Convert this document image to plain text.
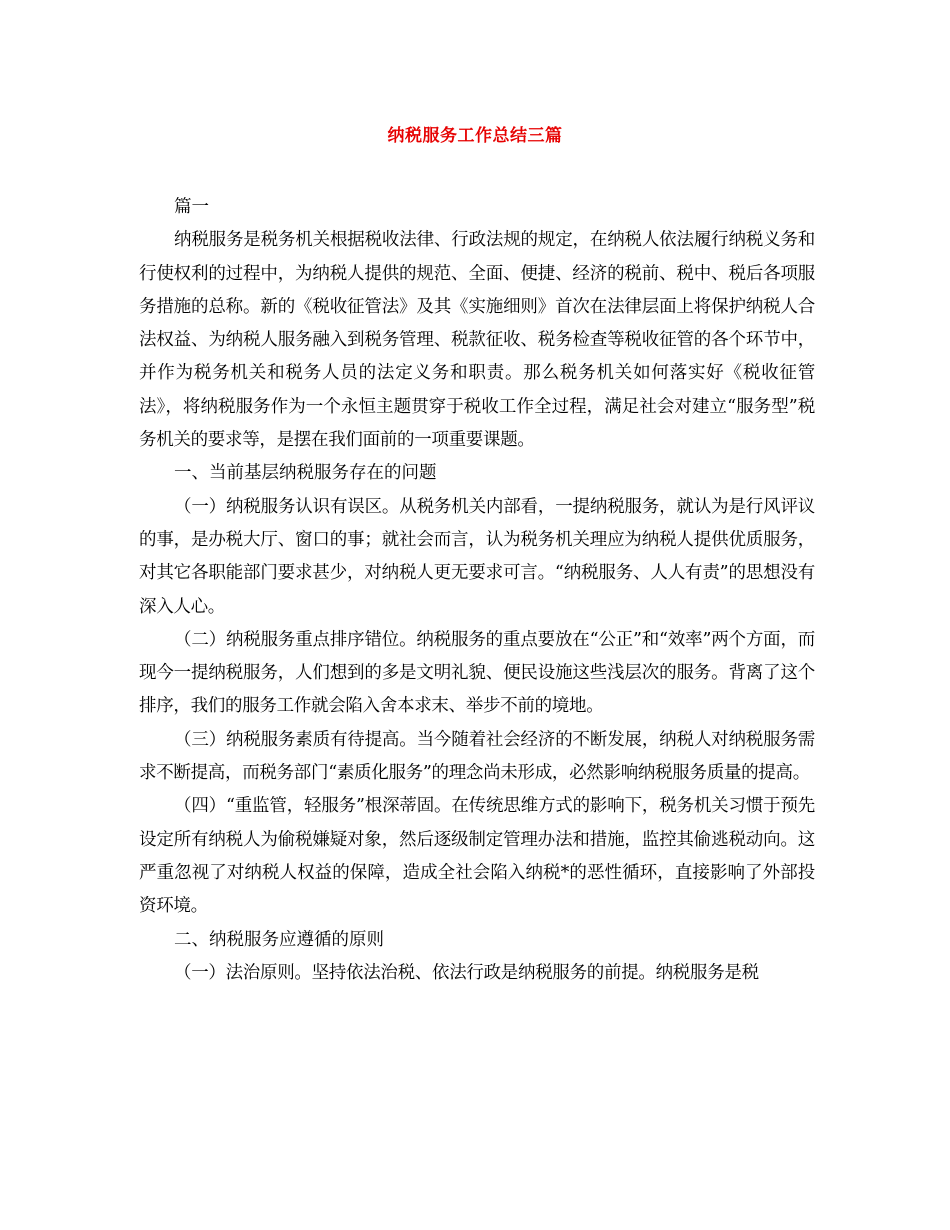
纳税服务工作总结三篇

篇一

纳税服务是税务机关根据税收法律、行政法规的规定，在纳税人依法履行纳税义务和行使权利的过程中，为纳税人提供的规范、全面、便捷、经济的税前、税中、税后各项服务措施的总称。新的《税收征管法》及其《实施细则》首次在法律层面上将保护纳税人合法权益、为纳税人服务融入到税务管理、税款征收、税务检查等税收征管的各个环节中，并作为税务机关和税务人员的法定义务和职责。那么税务机关如何落实好《税收征管法》，将纳税服务作为一个永恒主题贯穿于税收工作全过程，满足社会对建立“服务型”税务机关的要求等，是摆在我们面前的一项重要课题。

一、当前基层纳税服务存在的问题

（一）纳税服务认识有误区。从税务机关内部看，一提纳税服务，就认为是行风评议的事，是办税大厅、窗口的事；就社会而言，认为税务机关理应为纳税人提供优质服务，对其它各职能部门要求甚少，对纳税人更无要求可言。“纳税服务、人人有责”的思想没有深入人心。

（二）纳税服务重点排序错位。纳税服务的重点要放在“公正”和“效率”两个方面，而现今一提纳税服务，人们想到的多是文明礼貌、便民设施这些浅层次的服务。背离了这个排序，我们的服务工作就会陷入舍本求末、举步不前的境地。

（三）纳税服务素质有待提高。当今随着社会经济的不断发展，纳税人对纳税服务需求不断提高，而税务部门“素质化服务”的理念尚未形成，必然影响纳税服务质量的提高。

（四）“重监管，轻服务”根深蒂固。在传统思维方式的影响下，税务机关习惯于预先设定所有纳税人为偷税嫌疑对象，然后逐级制定管理办法和措施，监控其偷逃税动向。这严重忽视了对纳税人权益的保障，造成全社会陷入纳税*的恶性循环，直接影响了外部投资环境。

二、纳税服务应遵循的原则

（一）法治原则。坚持依法治税、依法行政是纳税服务的前提。纳税服务是税
